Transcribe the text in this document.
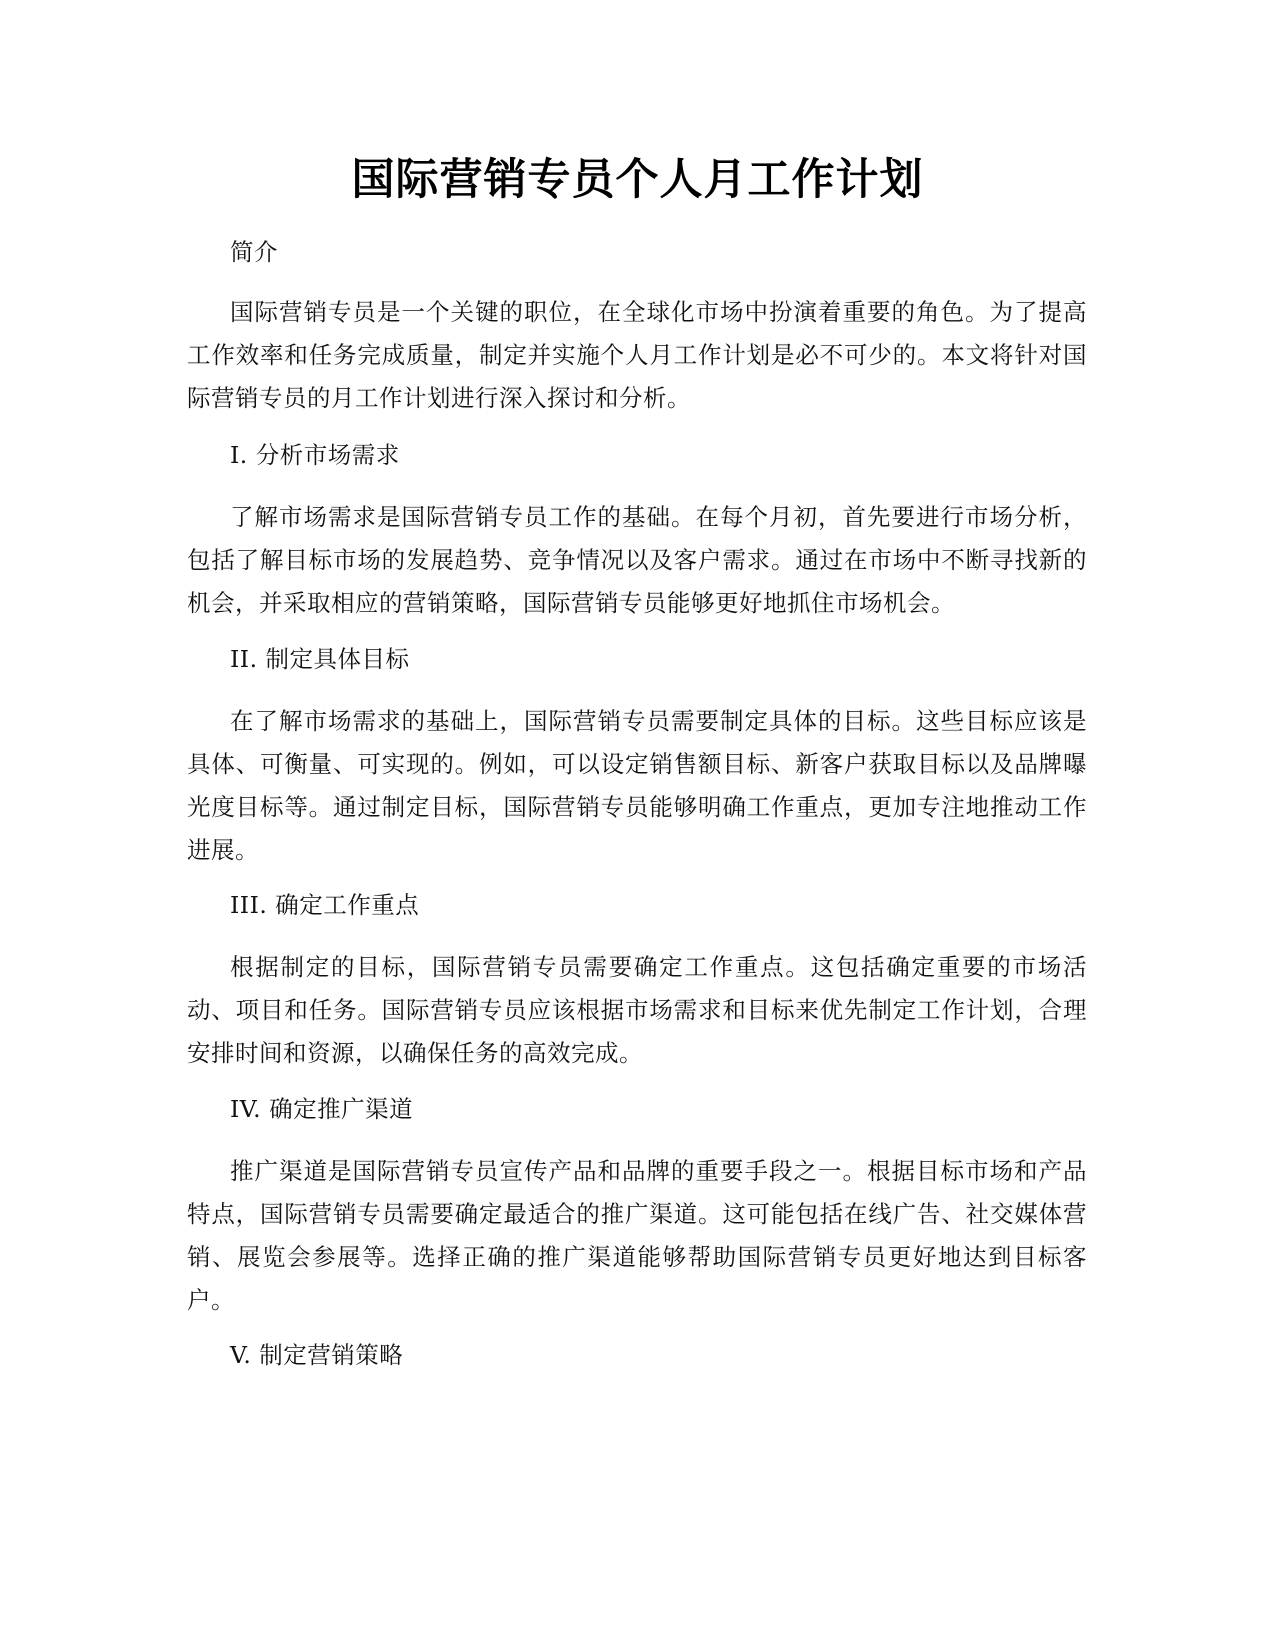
国际营销专员个人月工作计划

简介

国际营销专员是一个关键的职位，在全球化市场中扮演着重要的角色。为了提高工作效率和任务完成质量，制定并实施个人月工作计划是必不可少的。本文将针对国际营销专员的月工作计划进行深入探讨和分析。

I. 分析市场需求

了解市场需求是国际营销专员工作的基础。在每个月初，首先要进行市场分析，包括了解目标市场的发展趋势、竞争情况以及客户需求。通过在市场中不断寻找新的机会，并采取相应的营销策略，国际营销专员能够更好地抓住市场机会。

II. 制定具体目标

在了解市场需求的基础上，国际营销专员需要制定具体的目标。这些目标应该是具体、可衡量、可实现的。例如，可以设定销售额目标、新客户获取目标以及品牌曝光度目标等。通过制定目标，国际营销专员能够明确工作重点，更加专注地推动工作进展。

III. 确定工作重点

根据制定的目标，国际营销专员需要确定工作重点。这包括确定重要的市场活动、项目和任务。国际营销专员应该根据市场需求和目标来优先制定工作计划，合理安排时间和资源，以确保任务的高效完成。

IV. 确定推广渠道

推广渠道是国际营销专员宣传产品和品牌的重要手段之一。根据目标市场和产品特点，国际营销专员需要确定最适合的推广渠道。这可能包括在线广告、社交媒体营销、展览会参展等。选择正确的推广渠道能够帮助国际营销专员更好地达到目标客户。

V. 制定营销策略
